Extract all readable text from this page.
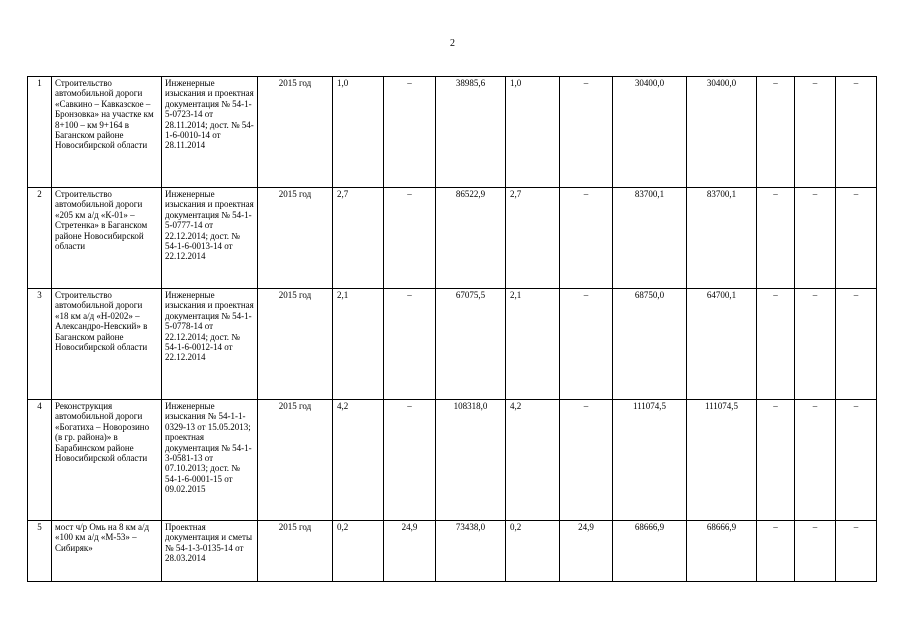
2
1	Строительство автомобильной дороги «Савкино – Кавказское – Бронзовка» на участке км 8+100 – км 9+164 в Баганском районе Новосибирской области	Инженерные изыскания и проектная документация № 54-1-5-0723-14 от 28.11.2014; дост. № 54-1-6-0010-14 от 28.11.2014	2015 год	1,0	–	38985,6	1,0	–	30400,0	30400,0	–	–	–
2	Строительство автомобильной дороги «205 км а/д «К-01» – Стретенка» в Баганском районе Новосибирской области	Инженерные изыскания и проектная документация № 54-1-5-0777-14 от 22.12.2014; дост. № 54-1-6-0013-14 от 22.12.2014	2015 год	2,7	–	86522,9	2,7	–	83700,1	83700,1	–	–	–
3	Строительство автомобильной дороги «18 км а/д «Н-0202» – Александро-Невский» в Баганском районе Новосибирской области	Инженерные изыскания и проектная документация № 54-1-5-0778-14 от 22.12.2014; дост. № 54-1-6-0012-14 от 22.12.2014	2015 год	2,1	–	67075,5	2,1	–	68750,0	64700,1	–	–	–
4	Реконструкция автомобильной дороги «Богатиха – Новорозино (в гр. района)» в Барабинском районе Новосибирской области	Инженерные изыскания № 54-1-1-0329-13 от 15.05.2013; проектная документация № 54-1-3-0581-13 от 07.10.2013; дост. № 54-1-6-0001-15 от 09.02.2015	2015 год	4,2	–	108318,0	4,2	–	111074,5	111074,5	–	–	–
5	мост ч/р Омь на 8 км а/д «100 км а/д «М-53» – Сибиряк»	Проектная документация и сметы № 54-1-3-0135-14 от 28.03.2014	2015 год	0,2	24,9	73438,0	0,2	24,9	68666,9	68666,9	–	–	–
